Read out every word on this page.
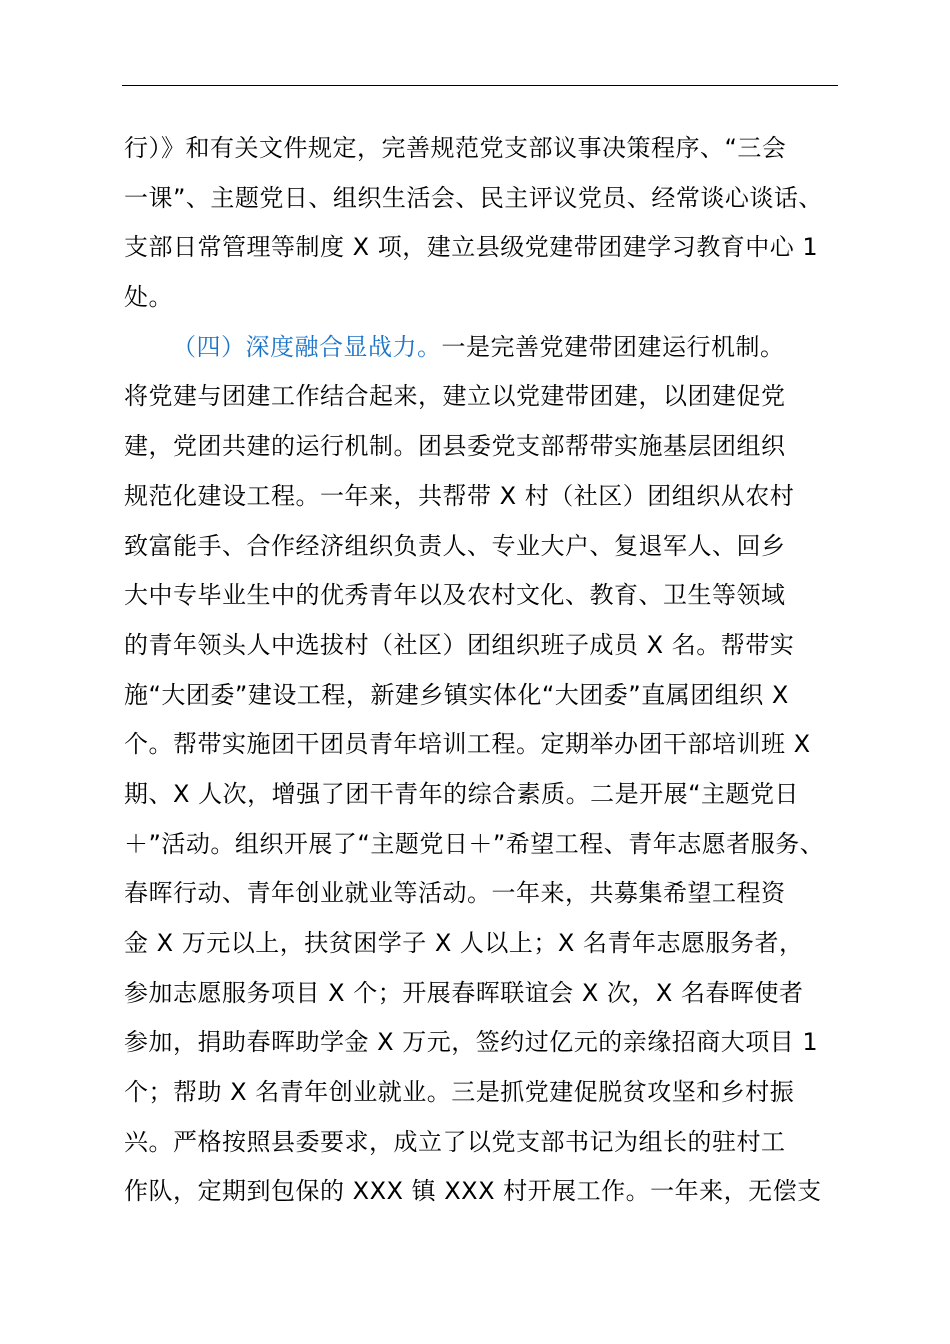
行）》和有关文件规定，完善规范党支部议事决策程序、“三会
一课”、主题党日、组织生活会、民主评议党员、经常谈心谈话、
支部日常管理等制度 X 项，建立县级党建带团建学习教育中心 1
处。
（四）深度融合显战力。一是完善党建带团建运行机制。
将党建与团建工作结合起来，建立以党建带团建，以团建促党
建，党团共建的运行机制。团县委党支部帮带实施基层团组织
规范化建设工程。一年来，共帮带 X 村（社区）团组织从农村
致富能手、合作经济组织负责人、专业大户、复退军人、回乡
大中专毕业生中的优秀青年以及农村文化、教育、卫生等领域
的青年领头人中选拔村（社区）团组织班子成员 X 名。帮带实
施“大团委”建设工程，新建乡镇实体化“大团委”直属团组织 X
个。帮带实施团干团员青年培训工程。定期举办团干部培训班 X
期、X 人次，增强了团干青年的综合素质。二是开展“主题党日
＋”活动。组织开展了“主题党日＋”希望工程、青年志愿者服务、
春晖行动、青年创业就业等活动。一年来，共募集希望工程资
金 X 万元以上，扶贫困学子 X 人以上；X 名青年志愿服务者，
参加志愿服务项目 X 个；开展春晖联谊会 X 次，X 名春晖使者
参加，捐助春晖助学金 X 万元，签约过亿元的亲缘招商大项目 1
个；帮助 X 名青年创业就业。三是抓党建促脱贫攻坚和乡村振
兴。严格按照县委要求，成立了以党支部书记为组长的驻村工
作队，定期到包保的 XXX 镇 XXX 村开展工作。一年来，无偿支
